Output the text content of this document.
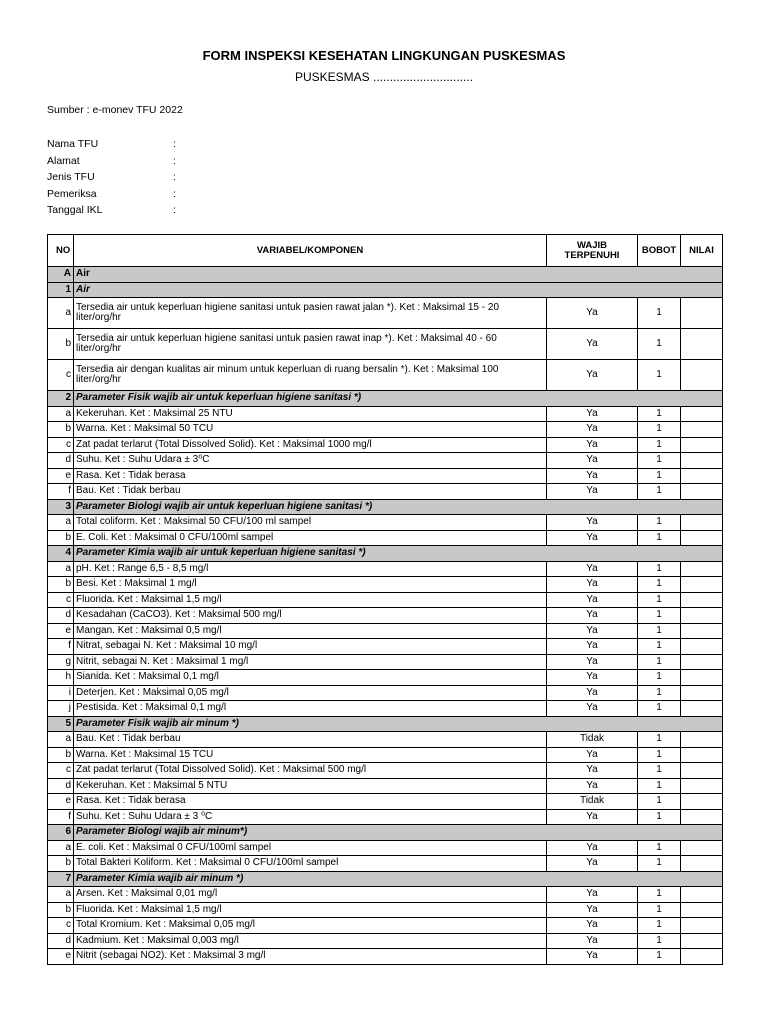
FORM INSPEKSI KESEHATAN LINGKUNGAN PUSKESMAS
PUSKESMAS ..............................
Sumber : e-monev TFU 2022
Nama TFU	:
Alamat	:
Jenis TFU	:
Pemeriksa	:
Tanggal IKL	:
NO	VARIABEL/KOMPONEN	WAJIB TERPENUHI	BOBOT	NILAI
A	Air			
1	Air			
a	Tersedia air untuk keperluan higiene sanitasi untuk pasien rawat jalan *). Ket : Maksimal 15 - 20 liter/org/hr	Ya	1	
b	Tersedia air untuk keperluan higiene sanitasi untuk pasien rawat inap *). Ket : Maksimal 40 - 60 liter/org/hr	Ya	1	
c	Tersedia air dengan kualitas air minum untuk keperluan di ruang bersalin *). Ket : Maksimal 100 liter/org/hr	Ya	1	
2	Parameter Fisik wajib air untuk keperluan higiene sanitasi *)			
a	Kekeruhan. Ket : Maksimal 25 NTU	Ya	1	
b	Warna. Ket : Maksimal 50 TCU	Ya	1	
c	Zat padat terlarut (Total Dissolved Solid). Ket : Maksimal 1000 mg/l	Ya	1	
d	Suhu. Ket : Suhu Udara ± 3⁰C	Ya	1	
e	Rasa. Ket : Tidak berasa	Ya	1	
f	Bau. Ket : Tidak berbau	Ya	1	
3	Parameter Biologi wajib air untuk keperluan higiene sanitasi *)			
a	Total coliform. Ket : Maksimal 50 CFU/100 ml sampel	Ya	1	
b	E. Coli. Ket : Maksimal 0 CFU/100ml sampel	Ya	1	
4	Parameter Kimia wajib air untuk keperluan higiene sanitasi *)			
a	pH. Ket : Range 6,5 - 8,5 mg/l	Ya	1	
b	Besi. Ket : Maksimal 1 mg/l	Ya	1	
c	Fluorida. Ket : Maksimal 1,5 mg/l	Ya	1	
d	Kesadahan (CaCO3). Ket : Maksimal 500 mg/l	Ya	1	
e	Mangan. Ket : Maksimal 0,5 mg/l	Ya	1	
f	Nitrat, sebagai N. Ket : Maksimal 10 mg/l	Ya	1	
g	Nitrit, sebagai N. Ket : Maksimal 1 mg/l	Ya	1	
h	Sianida. Ket : Maksimal 0,1 mg/l	Ya	1	
i	Deterjen. Ket : Maksimal 0,05 mg/l	Ya	1	
j	Pestisida. Ket : Maksimal 0,1 mg/l	Ya	1	
5	Parameter Fisik wajib air minum *)			
a	Bau. Ket : Tidak berbau	Tidak	1	
b	Warna. Ket : Maksimal 15 TCU	Ya	1	
c	Zat padat terlarut (Total Dissolved Solid). Ket : Maksimal 500 mg/l	Ya	1	
d	Kekeruhan. Ket : Maksimal 5 NTU	Ya	1	
e	Rasa. Ket : Tidak berasa	Tidak	1	
f	Suhu. Ket : Suhu Udara ± 3 ⁰C	Ya	1	
6	Parameter Biologi wajib air minum*)			
a	E. coli. Ket : Maksimal 0 CFU/100ml sampel	Ya	1	
b	Total Bakteri Koliform. Ket : Maksimal 0 CFU/100ml sampel	Ya	1	
7	Parameter Kimia wajib air minum *)			
a	Arsen. Ket : Maksimal 0,01 mg/l	Ya	1	
b	Fluorida. Ket : Maksimal 1,5 mg/l	Ya	1	
c	Total Kromium. Ket : Maksimal 0,05 mg/l	Ya	1	
d	Kadmium. Ket : Maksimal 0,003 mg/l	Ya	1	
e	Nitrit (sebagai NO2). Ket : Maksimal 3 mg/l	Ya	1	
